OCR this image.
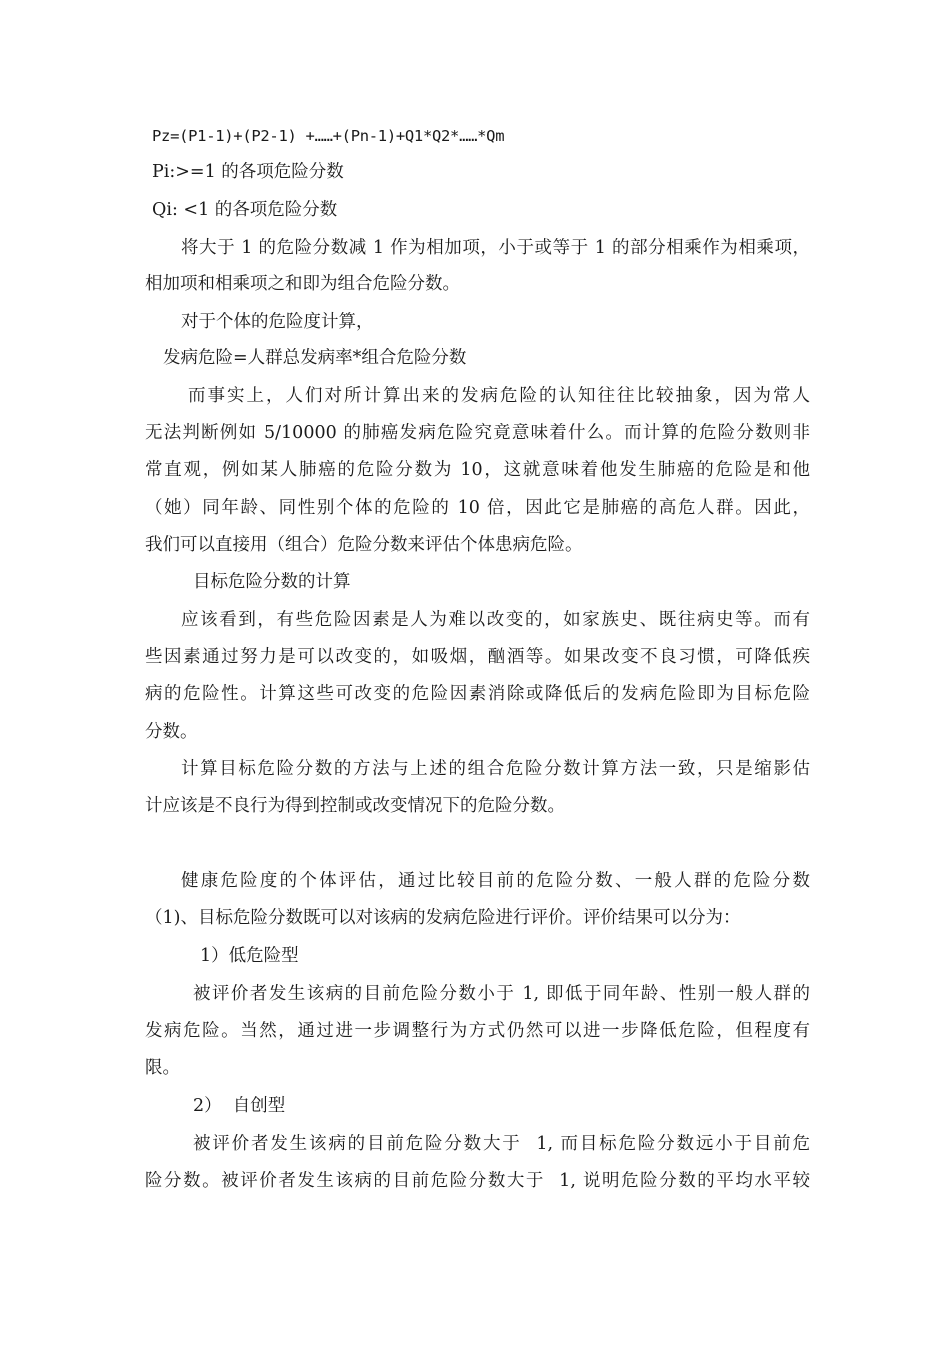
Pz=(P1-1)+(P2-1) +……+(Pn-1)+Q1*Q2*……*Qm
Pi:>=1 的各项危险分数
Qi: <1 的各项危险分数
将大于 1 的危险分数减 1 作为相加项，小于或等于 1 的部分相乘作为相乘项，
相加项和相乘项之和即为组合危险分数。
对于个体的危险度计算，
发病危险=人群总发病率*组合危险分数
而事实上，人们对所计算出来的发病危险的认知往往比较抽象，因为常人
无法判断例如 5/10000 的肺癌发病危险究竟意味着什么。而计算的危险分数则非
常直观，例如某人肺癌的危险分数为 10，这就意味着他发生肺癌的危险是和他
（她）同年龄、同性别个体的危险的 10 倍，因此它是肺癌的高危人群。因此，
我们可以直接用（组合）危险分数来评估个体患病危险。
目标危险分数的计算
应该看到，有些危险因素是人为难以改变的，如家族史、既往病史等。而有
些因素通过努力是可以改变的，如吸烟，酗酒等。如果改变不良习惯，可降低疾
病的危险性。计算这些可改变的危险因素消除或降低后的发病危险即为目标危险
分数。
计算目标危险分数的方法与上述的组合危险分数计算方法一致，只是缩影估
计应该是不良行为得到控制或改变情况下的危险分数。
健康危险度的个体评估，通过比较目前的危险分数、一般人群的危险分数
（1)、目标危险分数既可以对该病的发病危险进行评价。评价结果可以分为：
1）低危险型
被评价者发生该病的目前危险分数小于 1, 即低于同年龄、性别一般人群的
发病危险。当然，通过进一步调整行为方式仍然可以进一步降低危险，但程度有
限。
2）  自创型
被评价者发生该病的目前危险分数大于  1, 而目标危险分数远小于目前危
险分数。被评价者发生该病的目前危险分数大于  1, 说明危险分数的平均水平较
